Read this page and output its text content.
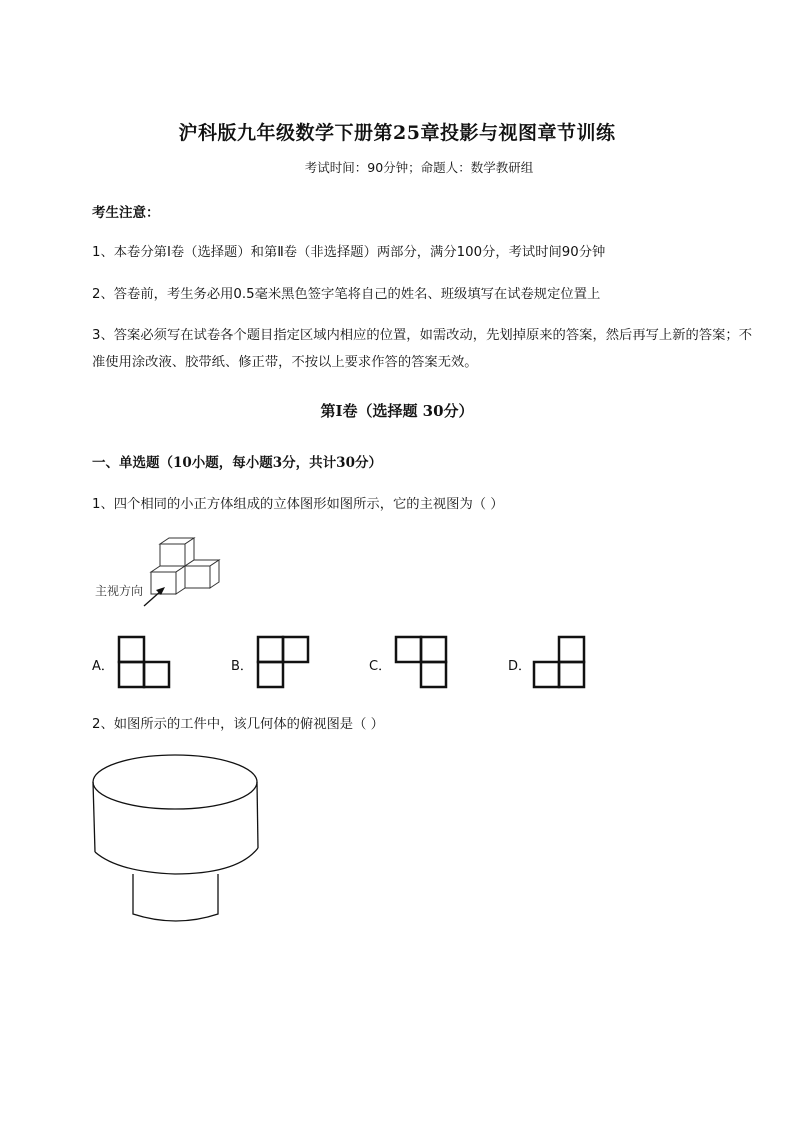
沪科版九年级数学下册第25章投影与视图章节训练
考试时间：90分钟；命题人：数学教研组
考生注意：
1、本卷分第I卷（选择题）和第Ⅱ卷（非选择题）两部分，满分100分，考试时间90分钟
2、答卷前，考生务必用0.5毫米黑色签字笔将自己的姓名、班级填写在试卷规定位置上
3、答案必须写在试卷各个题目指定区域内相应的位置，如需改动，先划掉原来的答案，然后再写上新的答案；不准使用涂改液、胶带纸、修正带，不按以上要求作答的答案无效。
第I卷（选择题 30分）
一、单选题（10小题，每小题3分，共计30分）
1、四个相同的小正方体组成的立体图形如图所示，它的主视图为（ ）
主视方向
A．	B．	C．	D．
2、如图所示的工件中，该几何体的俯视图是（ ）
